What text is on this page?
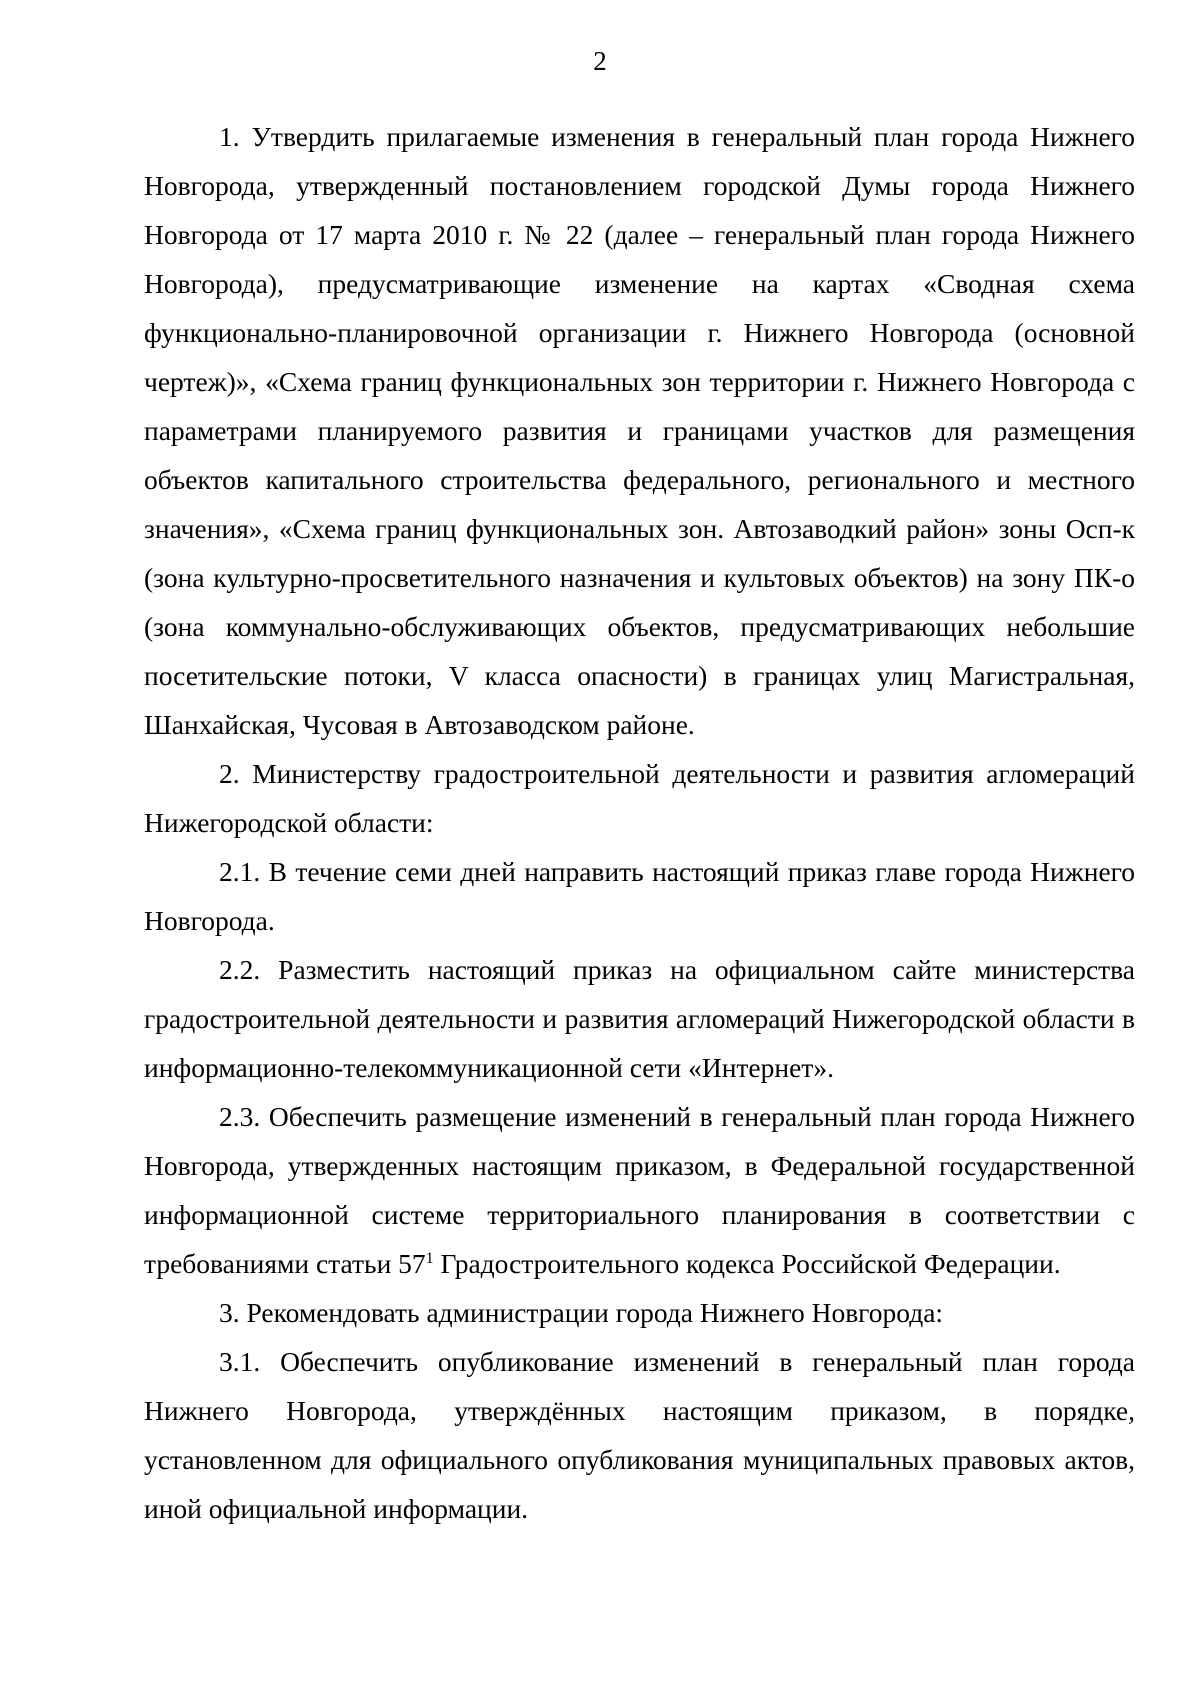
2

1. Утвердить прилагаемые изменения в генеральный план города Нижнего Новгорода, утвержденный постановлением городской Думы города Нижнего Новгорода от 17 марта 2010 г. № 22 (далее – генеральный план города Нижнего Новгорода), предусматривающие изменение на картах «Сводная схема функционально-планировочной организации г. Нижнего Новгорода (основной чертеж)», «Схема границ функциональных зон территории г. Нижнего Новгорода с параметрами планируемого развития и границами участков для размещения объектов капитального строительства федерального, регионального и местного значения», «Схема границ функциональных зон. Автозаводкий район» зоны Осп-к (зона культурно-просветительного назначения и культовых объектов) на зону ПК-о (зона коммунально-обслуживающих объектов, предусматривающих небольшие посетительские потоки, V класса опасности) в границах улиц Магистральная, Шанхайская, Чусовая в Автозаводском районе.

2. Министерству градостроительной деятельности и развития агломераций Нижегородской области:

2.1. В течение семи дней направить настоящий приказ главе города Нижнего Новгорода.

2.2. Разместить настоящий приказ на официальном сайте министерства градостроительной деятельности и развития агломераций Нижегородской области в информационно-телекоммуникационной сети «Интернет».

2.3. Обеспечить размещение изменений в генеральный план города Нижнего Новгорода, утвержденных настоящим приказом, в Федеральной государственной информационной системе территориального планирования в соответствии с требованиями статьи $57^1$ Градостроительного кодекса Российской Федерации.

3. Рекомендовать администрации города Нижнего Новгорода:

3.1. Обеспечить опубликование изменений в генеральный план города Нижнего Новгорода, утверждённых настоящим приказом, в порядке, установленном для официального опубликования муниципальных правовых актов, иной официальной информации.
